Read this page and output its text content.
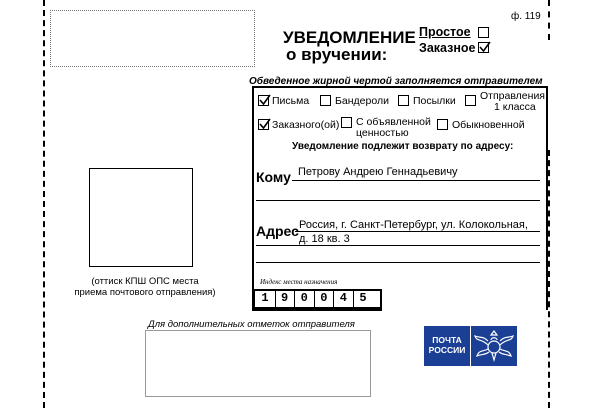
ф. 119
УВЕДОМЛЕНИЕ
о вручении:
Простое
Заказное
Обведенное жирной чертой заполняется отправителем
Письма Бандероли Посылки Отправления
1 класса
Заказного(ой) С объявленной
ценностью
Обыкновенной
Уведомление подлежит возврату по адресу:
Кому Петрову Андрею Геннадьевичу
Адрес Россия, г. Санкт-Петербург, ул. Колокольная,
д. 18 кв. 3
Индекс места назначения
1 9 0 0 4 5
(оттиск КПШ ОПС места
приема почтового отправления)
Для дополнительных отметок отправителя
ПОЧТА
РОССИИ
